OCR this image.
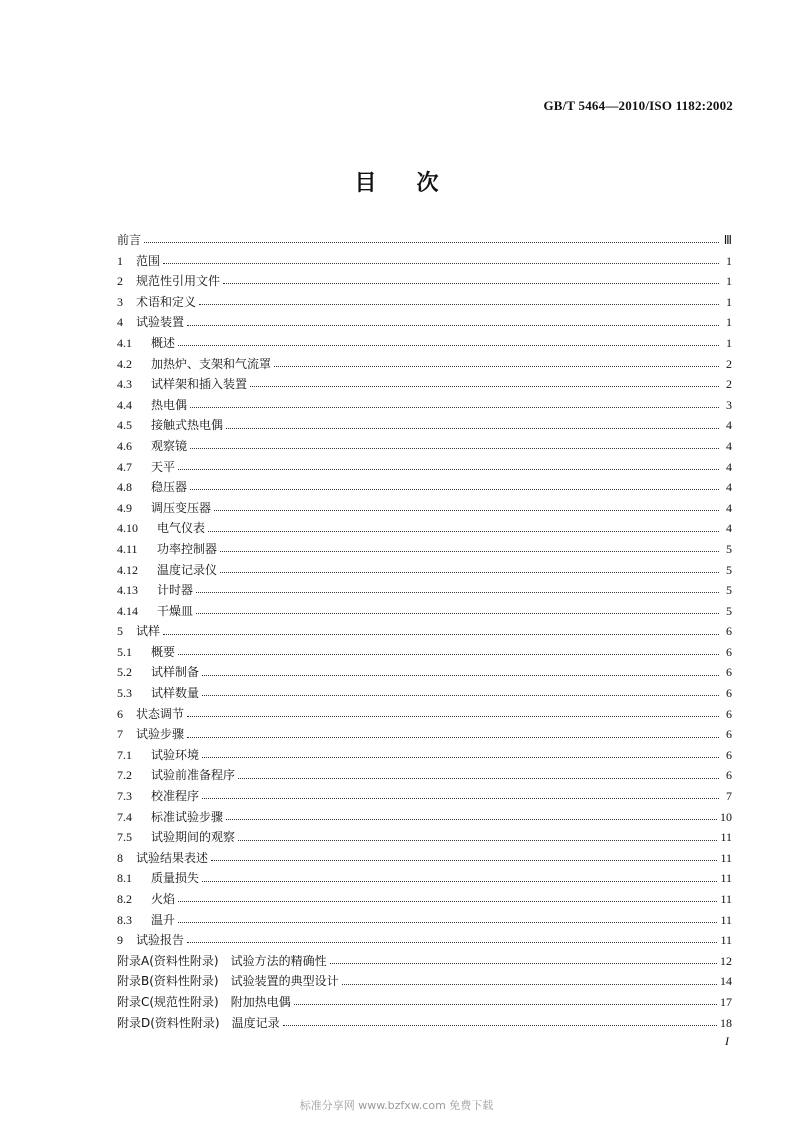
GB/T 5464—2010/ISO 1182:2002
目 次
前言	Ⅲ
1	范围	1
2	规范性引用文件	1
3	术语和定义	1
4	试验装置	1
4.1	概述	1
4.2	加热炉、支架和气流罩	2
4.3	试样架和插入装置	2
4.4	热电偶	3
4.5	接触式热电偶	4
4.6	观察镜	4
4.7	天平	4
4.8	稳压器	4
4.9	调压变压器	4
4.10	电气仪表	4
4.11	功率控制器	5
4.12	温度记录仪	5
4.13	计时器	5
4.14	干燥皿	5
5	试样	6
5.1	概要	6
5.2	试样制备	6
5.3	试样数量	6
6	状态调节	6
7	试验步骤	6
7.1	试验环境	6
7.2	试验前准备程序	6
7.3	校准程序	7
7.4	标准试验步骤	10
7.5	试验期间的观察	11
8	试验结果表述	11
8.1	质量损失	11
8.2	火焰	11
8.3	温升	11
9	试验报告	11
附录A(资料性附录)　试验方法的精确性	12
附录B(资料性附录)　试验装置的典型设计	14
附录C(规范性附录)　附加热电偶	17
附录D(资料性附录)　温度记录	18
I
标准分享网 www.bzfxw.com 免费下载
